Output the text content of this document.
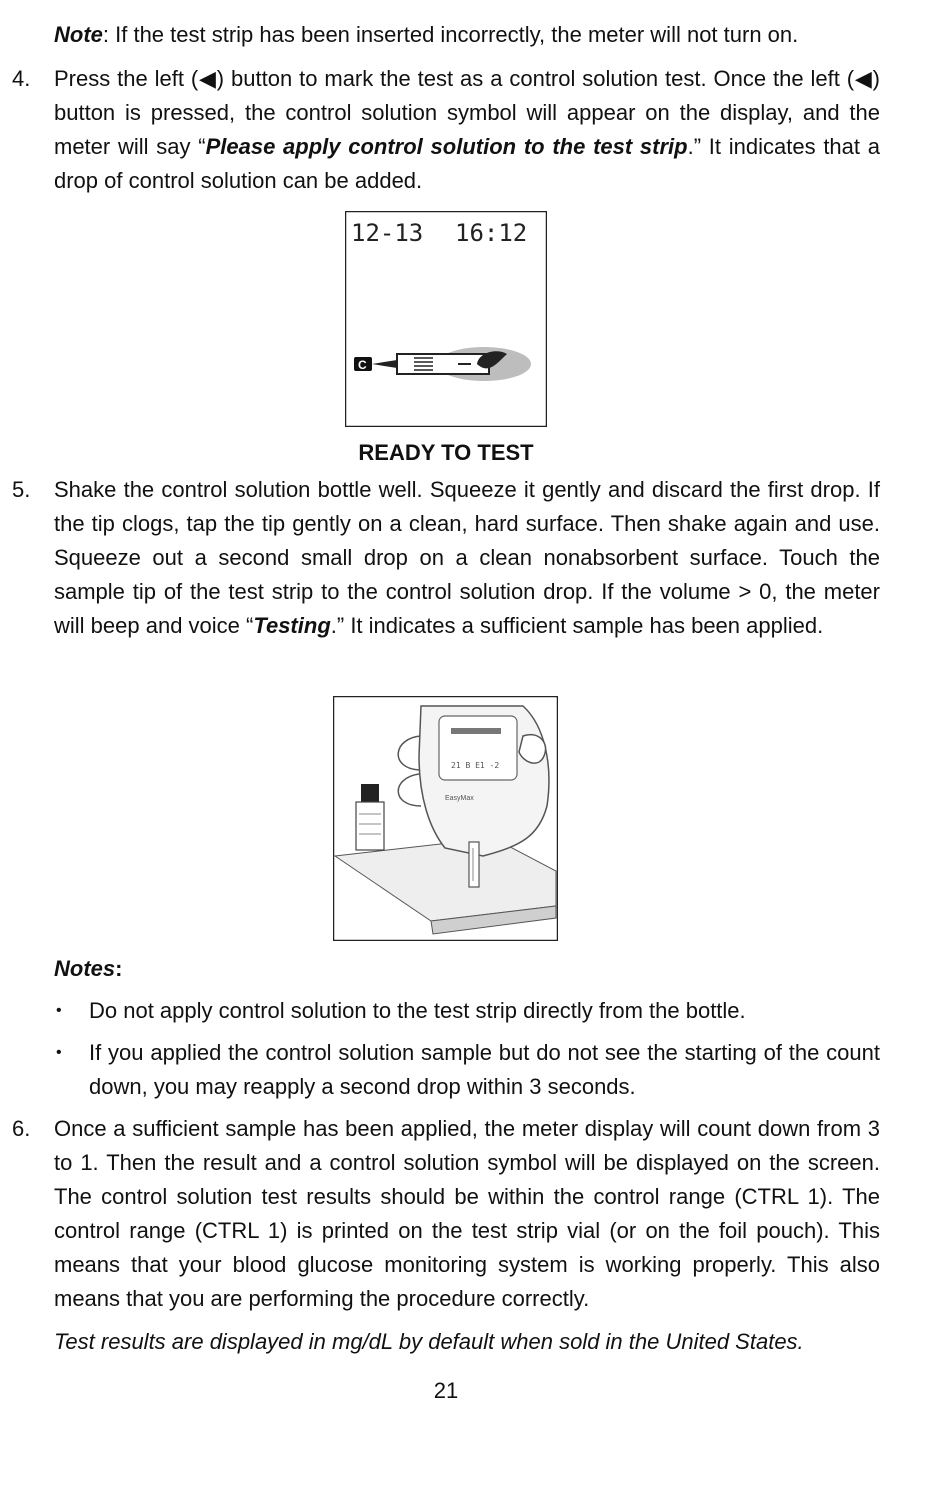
Note: If the test strip has been inserted incorrectly, the meter will not turn on.
4. Press the left (◀) button to mark the test as a control solution test. Once the left (◀) button is pressed, the control solution symbol will appear on the display, and the meter will say “Please apply control solution to the test strip.” It indicates that a drop of control solution can be added.
12-13 16:12
C
READY TO TEST
5. Shake the control solution bottle well. Squeeze it gently and discard the first drop. If the tip clogs, tap the tip gently on a clean, hard surface. Then shake again and use. Squeeze out a second small drop on a clean nonabsorbent surface. Touch the sample tip of the test strip to the control solution drop. If the volume > 0, the meter will beep and voice “Testing.” It indicates a sufficient sample has been applied.
21 B E1 -2
EasyMax
Notes:
• Do not apply control solution to the test strip directly from the bottle.
• If you applied the control solution sample but do not see the starting of the count down, you may reapply a second drop within 3 seconds.
6. Once a sufficient sample has been applied, the meter display will count down from 3 to 1. Then the result and a control solution symbol will be displayed on the screen. The control solution test results should be within the control range (CTRL 1). The control range (CTRL 1) is printed on the test strip vial (or on the foil pouch). This means that your blood glucose monitoring system is working properly. This also means that you are performing the procedure correctly.
Test results are displayed in mg/dL by default when sold in the United States.
21
